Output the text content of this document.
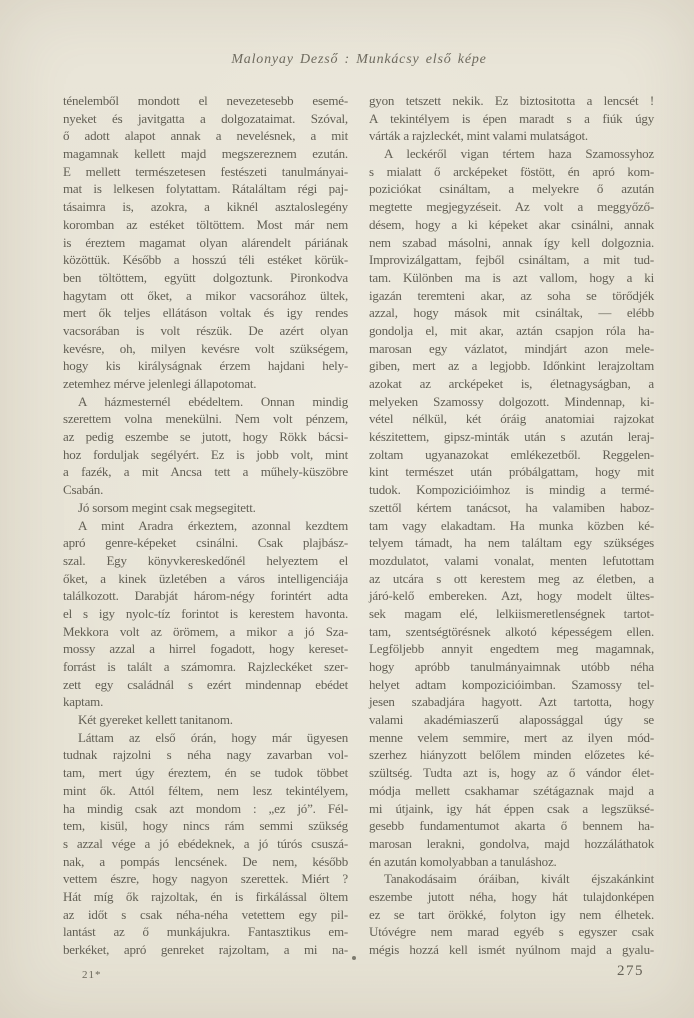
Malonyay Dezső : Munkácsy első képe
ténelemből mondott el nevezetesebb esemé-
nyeket és javitgatta a dolgozataimat. Szóval,
ő adott alapot annak a nevelésnek, a mit
magamnak kellett majd megszereznem ezután.
E mellett természetesen festészeti tanulmányai-
mat is lelkesen folytattam. Rátaláltam régi paj-
tásaimra is, azokra, a kiknél asztaloslegény
koromban az estéket töltöttem. Most már nem
is éreztem magamat olyan alárendelt páriának
közöttük. Később a hosszú téli estéket körük-
ben töltöttem, együtt dolgoztunk. Pironkodva
hagytam ott őket, a mikor vacsorához ültek,
mert ők teljes ellátáson voltak és igy rendes
vacsorában is volt részük. De azért olyan
kevésre, oh, milyen kevésre volt szükségem,
hogy kis királyságnak érzem hajdani hely-
zetemhez mérve jelenlegi állapotomat.
A házmesternél ebédeltem. Onnan mindig
szerettem volna menekülni. Nem volt pénzem,
az pedig eszembe se jutott, hogy Rökk bácsi-
hoz forduljak segélyért. Ez is jobb volt, mint
a fazék, a mit Ancsa tett a műhely-küszöbre
Csabán.
Jó sorsom megint csak megsegitett.
A mint Aradra érkeztem, azonnal kezdtem
apró genre-képeket csinálni. Csak plajbász-
szal. Egy könyvkereskedőnél helyeztem el
őket, a kinek üzletében a város intelligenciája
találkozott. Darabját három-négy forintért adta
el s igy nyolc-tíz forintot is kerestem havonta.
Mekkora volt az örömem, a mikor a jó Sza-
mossy azzal a hirrel fogadott, hogy kereset-
forrást is talált a számomra. Rajzleckéket szer-
zett egy családnál s ezért mindennap ebédet
kaptam.
Két gyereket kellett tanitanom.
Láttam az első órán, hogy már ügyesen
tudnak rajzolni s néha nagy zavarban vol-
tam, mert úgy éreztem, én se tudok többet
mint ők. Attól féltem, nem lesz tekintélyem,
ha mindig csak azt mondom : „ez jó”. Fél-
tem, kisül, hogy nincs rám semmi szükség
s azzal vége a jó ebédeknek, a jó túrós csuszá-
nak, a pompás lencsének. De nem, később
vettem észre, hogy nagyon szerettek. Miért ?
Hát míg ők rajzoltak, én is firkálással öltem
az időt s csak néha-néha vetettem egy pil-
lantást az ő munkájukra. Fantasztikus em-
berkéket, apró genreket rajzoltam, a mi na-
gyon tetszett nekik. Ez biztositotta a lencsét !
A tekintélyem is épen maradt s a fiúk úgy
várták a rajzleckét, mint valami mulatságot.
A leckéről vigan tértem haza Szamossyhoz
s mialatt ő arcképeket föstött, én apró kom-
poziciókat csináltam, a melyekre ő azután
megtette megjegyzéseit. Az volt a meggyőző-
désem, hogy a ki képeket akar csinálni, annak
nem szabad másolni, annak így kell dolgoznia.
Improvizálgattam, fejből csináltam, a mit tud-
tam. Különben ma is azt vallom, hogy a ki
igazán teremteni akar, az soha se törődjék
azzal, hogy mások mit csináltak, — elébb
gondolja el, mit akar, aztán csapjon róla ha-
marosan egy vázlatot, mindjárt azon mele-
giben, mert az a legjobb. Időnkint lerajzoltam
azokat az arcképeket is, életnagyságban, a
melyeken Szamossy dolgozott. Mindennap, ki-
vétel nélkül, két óráig anatomiai rajzokat
készitettem, gipsz-minták után s azután leraj-
zoltam ugyanazokat emlékezetből. Reggelen-
kint természet után próbálgattam, hogy mit
tudok. Kompozicióimhoz is mindig a termé-
szettől kértem tanácsot, ha valamiben haboz-
tam vagy elakadtam. Ha munka közben ké-
telyem támadt, ha nem találtam egy szükséges
mozdulatot, valami vonalat, menten lefutottam
az utcára s ott kerestem meg az életben, a
járó-kelő embereken. Azt, hogy modelt ültes-
sek magam elé, lelkiismeretlenségnek tartot-
tam, szentségtörésnek alkotó képességem ellen.
Legföljebb annyit engedtem meg magamnak,
hogy apróbb tanulmányaimnak utóbb néha
helyet adtam kompozicióimban. Szamossy tel-
jesen szabadjára hagyott. Azt tartotta, hogy
valami akadémiaszerű alapossággal úgy se
menne velem semmire, mert az ilyen mód-
szerhez hiányzott belőlem minden előzetes ké-
szültség. Tudta azt is, hogy az ő vándor élet-
módja mellett csakhamar szétágaznak majd a
mi útjaink, igy hát éppen csak a legszüksé-
gesebb fundamentumot akarta ő bennem ha-
marosan lerakni, gondolva, majd hozzáláthatok
én azután komolyabban a tanuláshoz.
Tanakodásaim óráiban, kivált éjszakánkint
eszembe jutott néha, hogy hát tulajdonképen
ez se tart örökké, folyton igy nem élhetek.
Utóvégre nem marad egyéb s egyszer csak
mégis hozzá kell ismét nyúlnom majd a gyalu-
21*	275
